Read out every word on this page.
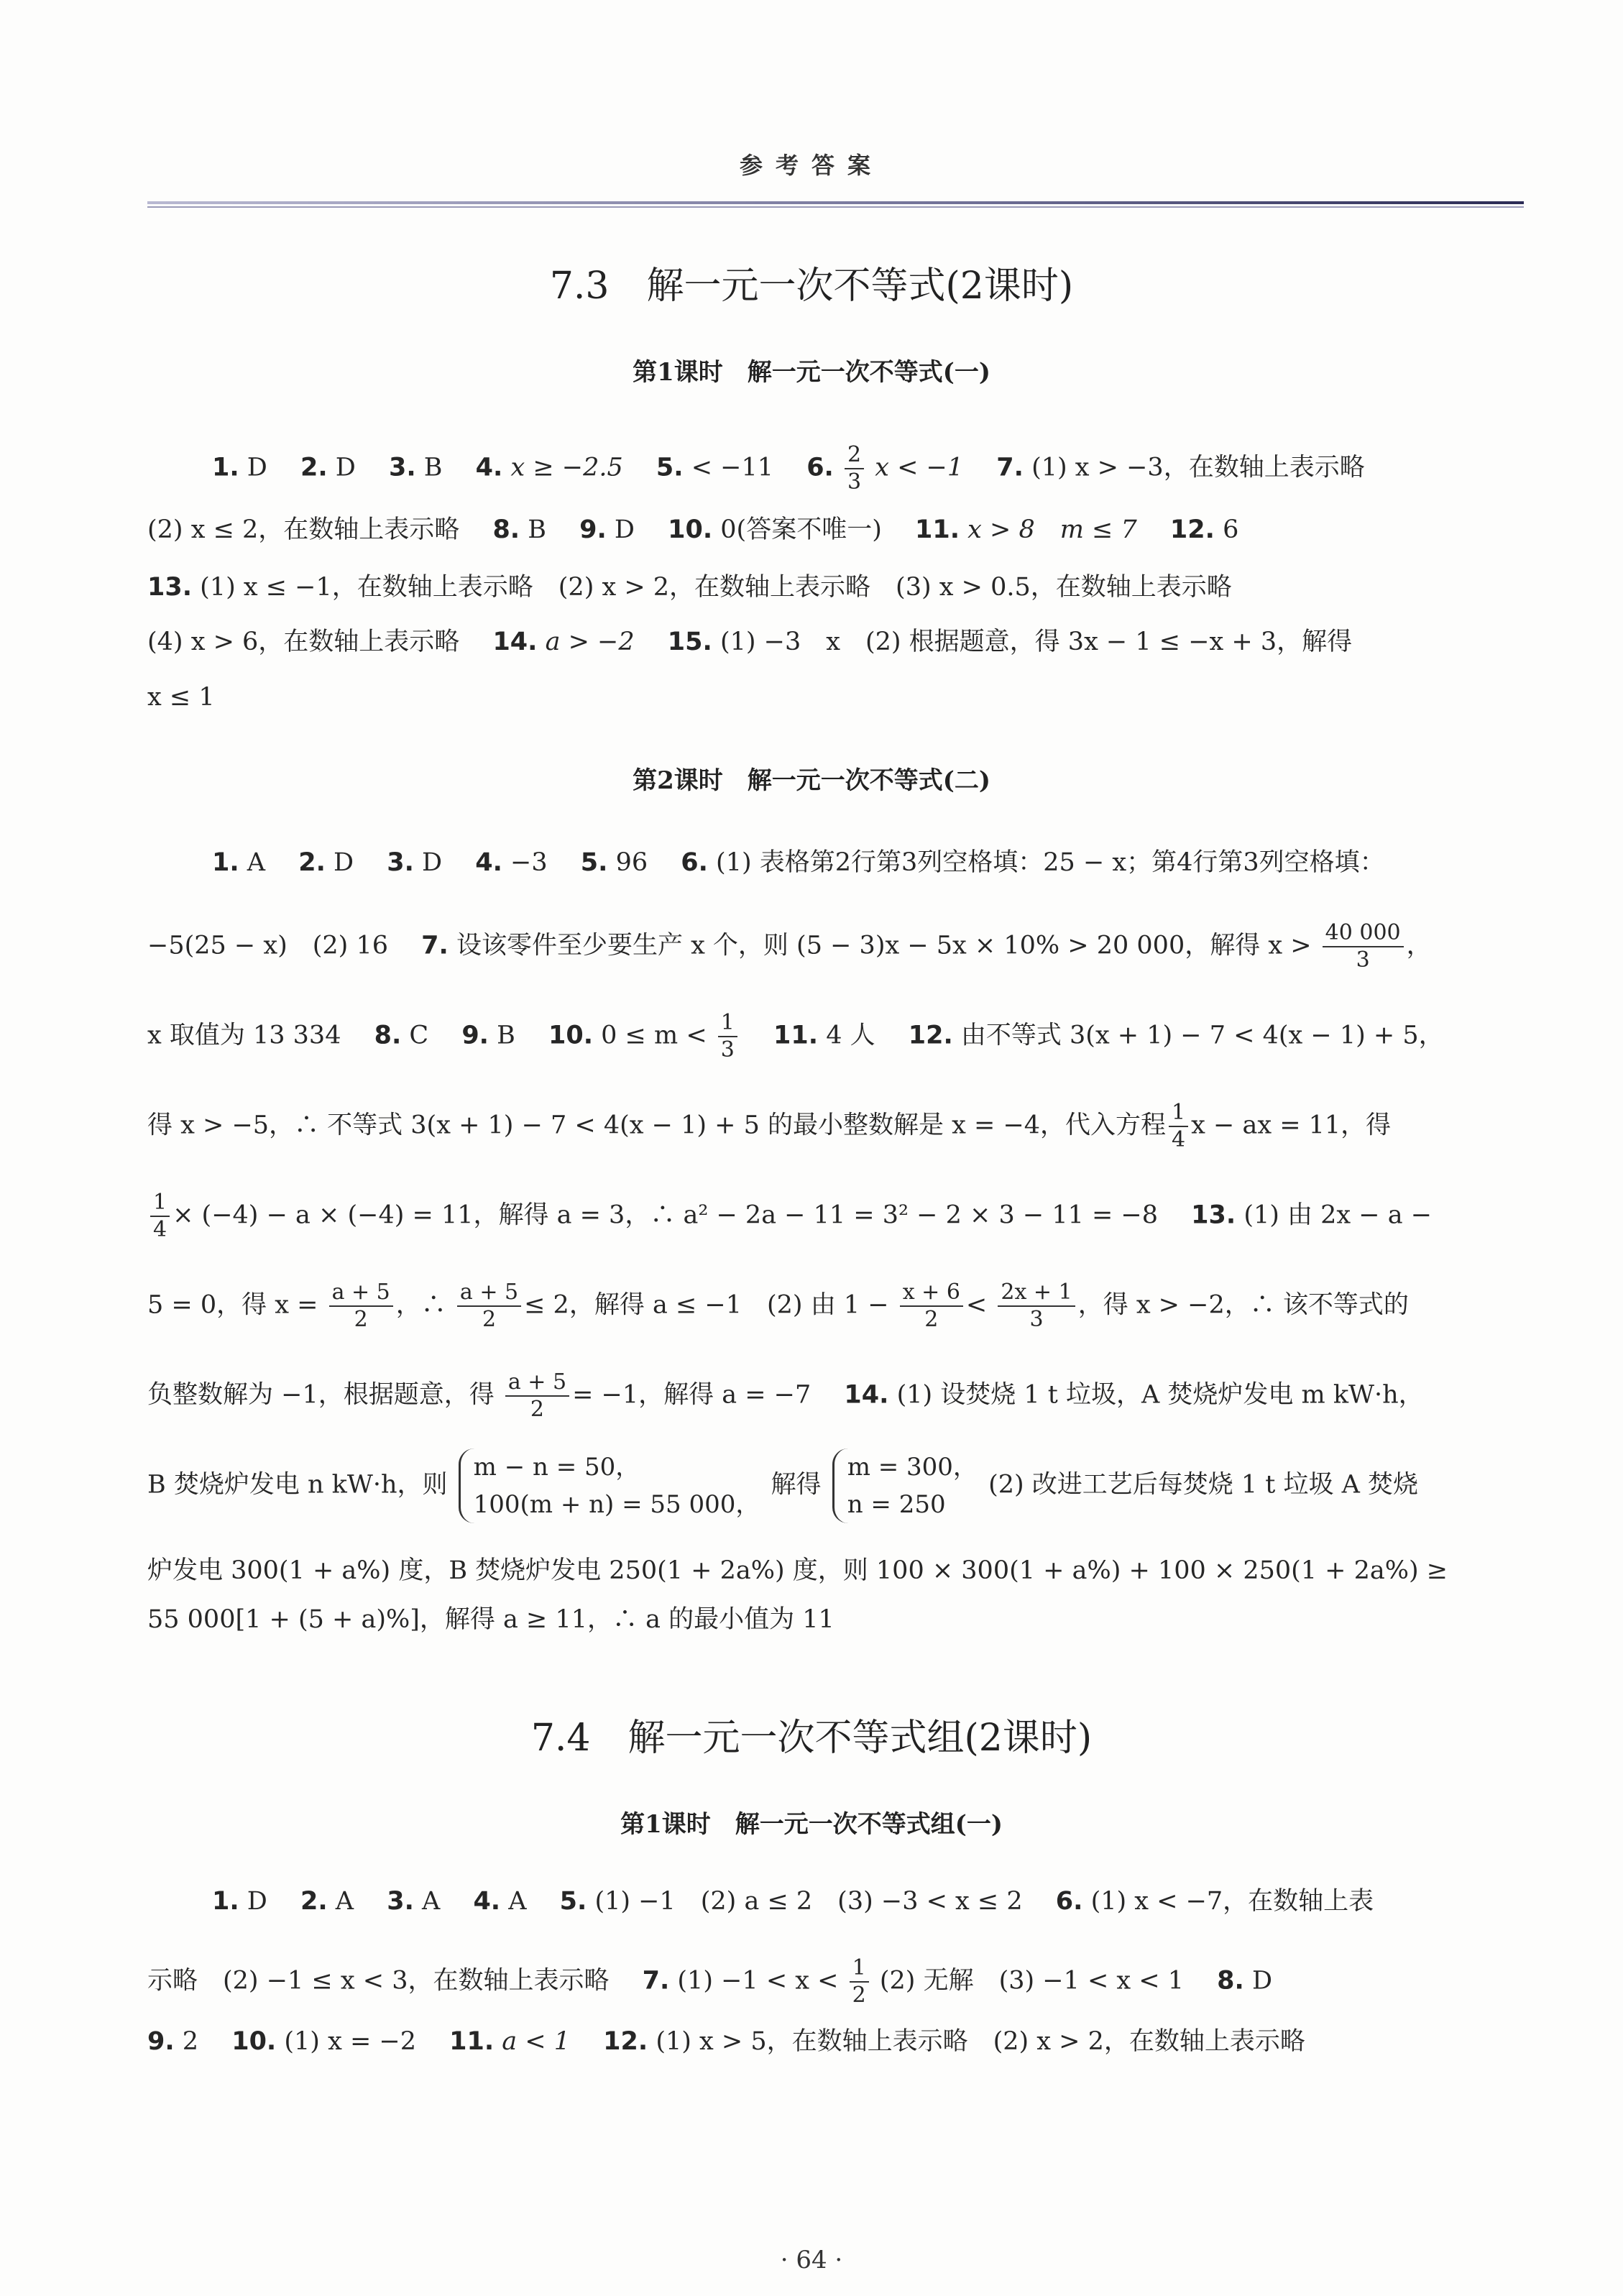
参考答案
7.3　解一元一次不等式(2课时)
第1课时　解一元一次不等式(一)
1. D　 2. D　 3. B　 4. x ≥ −2.5　 5. < −11　 6. $\frac{2}{3}$ x < −1　 7. (1) x > −3，在数轴上表示略
(2) x ≤ 2，在数轴上表示略　 8. B　 9. D　 10. 0(答案不唯一)　 11. x > 8　m ≤ 7　 12. 6
13. (1) x ≤ −1，在数轴上表示略　(2) x > 2，在数轴上表示略　(3) x > 0.5，在数轴上表示略
(4) x > 6，在数轴上表示略　 14. a > −2　 15. (1) −3　x　(2) 根据题意，得 3x − 1 ≤ −x + 3，解得
x ≤ 1
第2课时　解一元一次不等式(二)
1. A　 2. D　 3. D　 4. −3　 5. 96　 6. (1) 表格第2行第3列空格填：25 − x；第4行第3列空格填：
−5(25 − x)　(2) 16　 7. 设该零件至少要生产 x 个，则 (5 − 3)x − 5x × 10% > 20 000，解得 $x > \frac{40 000}{3}$ ，
x 取值为 13 334　 8. C　 9. B　 10. $0 \le m < \frac{1}{3}$
　 11. 4 人　 12. 由不等式 3(x + 1) − 7 < 4(x − 1) + 5，
得 x > −5，∴ 不等式 3(x + 1) − 7 < 4(x − 1) + 5 的最小整数解是 x = −4，代入方程 $\frac{1}{4}$ x − ax = 11，得
$\frac{1}{4} \times (-4) - a \times (-4) = 11$，解得 a = 3，∴ a² − 2a − 11 = 3² − 2 × 3 − 11 = −8　 13. (1) 由 2x − a −
5 = 0，得 $x = \frac{a + 5}{2}$ ，∴ $\frac{a + 5}{2} \le 2$，解得 a ≤ −1　(2) 由 $1 - \frac{x + 6}{2} < \frac{2x + 1}{3}$ ，得 x > −2，∴ 该不等式的
负整数解为 −1，根据题意，得 $\frac{a + 5}{2} = -1$，解得 a = −7　 14. (1) 设焚烧 1 t 垃圾，A 焚烧炉发电 m kW·h，
B 焚烧炉发电 n kW·h，则
m − n = 50，
100(m + n) = 55 000，
解得
m = 300，
n = 250
(2) 改进工艺后每焚烧 1 t 垃圾 A 焚烧
炉发电 300(1 + a%) 度，B 焚烧炉发电 250(1 + 2a%) 度，则 100 × 300(1 + a%) + 100 × 250(1 + 2a%) ≥
55 000[1 + (5 + a)%]，解得 a ≥ 11，∴ a 的最小值为 11
7.4　解一元一次不等式组(2课时)
第1课时　解一元一次不等式组(一)
1. D　 2. A　 3. A　 4. A　 5. (1) −1　(2) a ≤ 2　(3) −3 < x ≤ 2　 6. (1) x < −7，在数轴上表
示略　(2) −1 ≤ x < 3，在数轴上表示略　 7. $(1) -1 < x < \frac{1}{2} (2)$ 无解　(3) −1 < x < 1　 8. D
9. 2　 10. (1) x = −2　 11. a < 1　 12. (1) x > 5，在数轴上表示略　(2) x > 2，在数轴上表示略
· 64 ·
